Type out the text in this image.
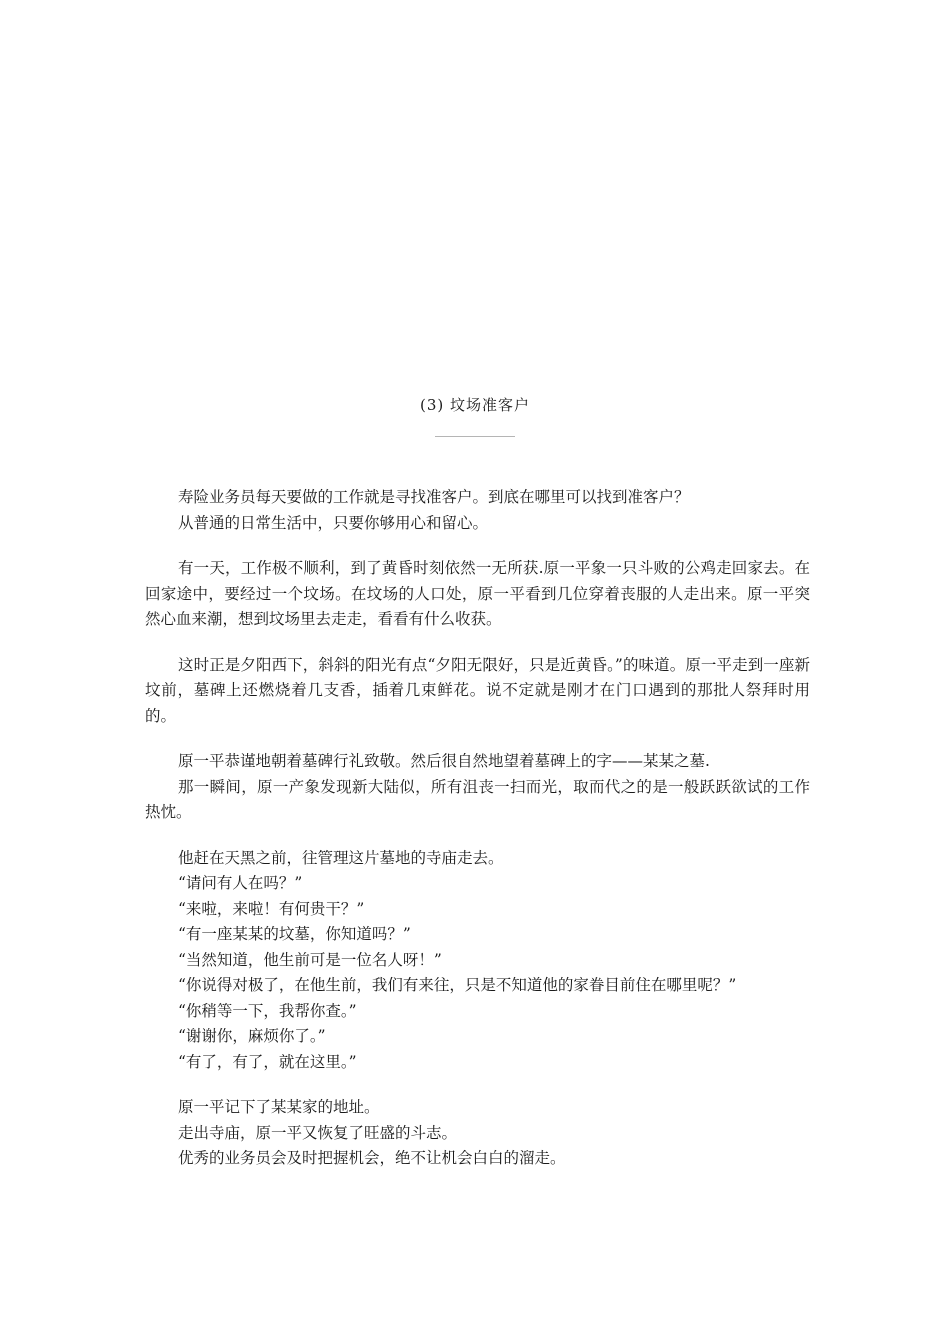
(3) 坟场准客户
寿险业务员每天要做的工作就是寻找准客户。到底在哪里可以找到准客户？
从普通的日常生活中，只要你够用心和留心。

有一天，工作极不顺利，到了黄昏时刻依然一无所获.原一平象一只斗败的公鸡走回家去。在回家途中，要经过一个坟场。在坟场的人口处，原一平看到几位穿着丧服的人走出来。原一平突然心血来潮，想到坟场里去走走，看看有什么收获。

这时正是夕阳西下，斜斜的阳光有点“夕阳无限好，只是近黄昏。”的味道。原一平走到一座新坟前，墓碑上还燃烧着几支香，插着几束鲜花。说不定就是刚才在门口遇到的那批人祭拜时用的。

原一平恭谨地朝着墓碑行礼致敬。然后很自然地望着墓碑上的字——某某之墓.

那一瞬间，原一产象发现新大陆似，所有沮丧一扫而光，取而代之的是一般跃跃欲试的工作热忱。

他赶在天黑之前，往管理这片墓地的寺庙走去。
“请问有人在吗？”
“来啦，来啦！有何贵干？”
“有一座某某的坟墓，你知道吗？”
“当然知道，他生前可是一位名人呀！”
“你说得对极了，在他生前，我们有来往，只是不知道他的家眷目前住在哪里呢？”
“你稍等一下，我帮你查。”
“谢谢你，麻烦你了。”
“有了，有了，就在这里。”
原一平记下了某某家的地址。
走出寺庙，原一平又恢复了旺盛的斗志。
优秀的业务员会及时把握机会，绝不让机会白白的溜走。
